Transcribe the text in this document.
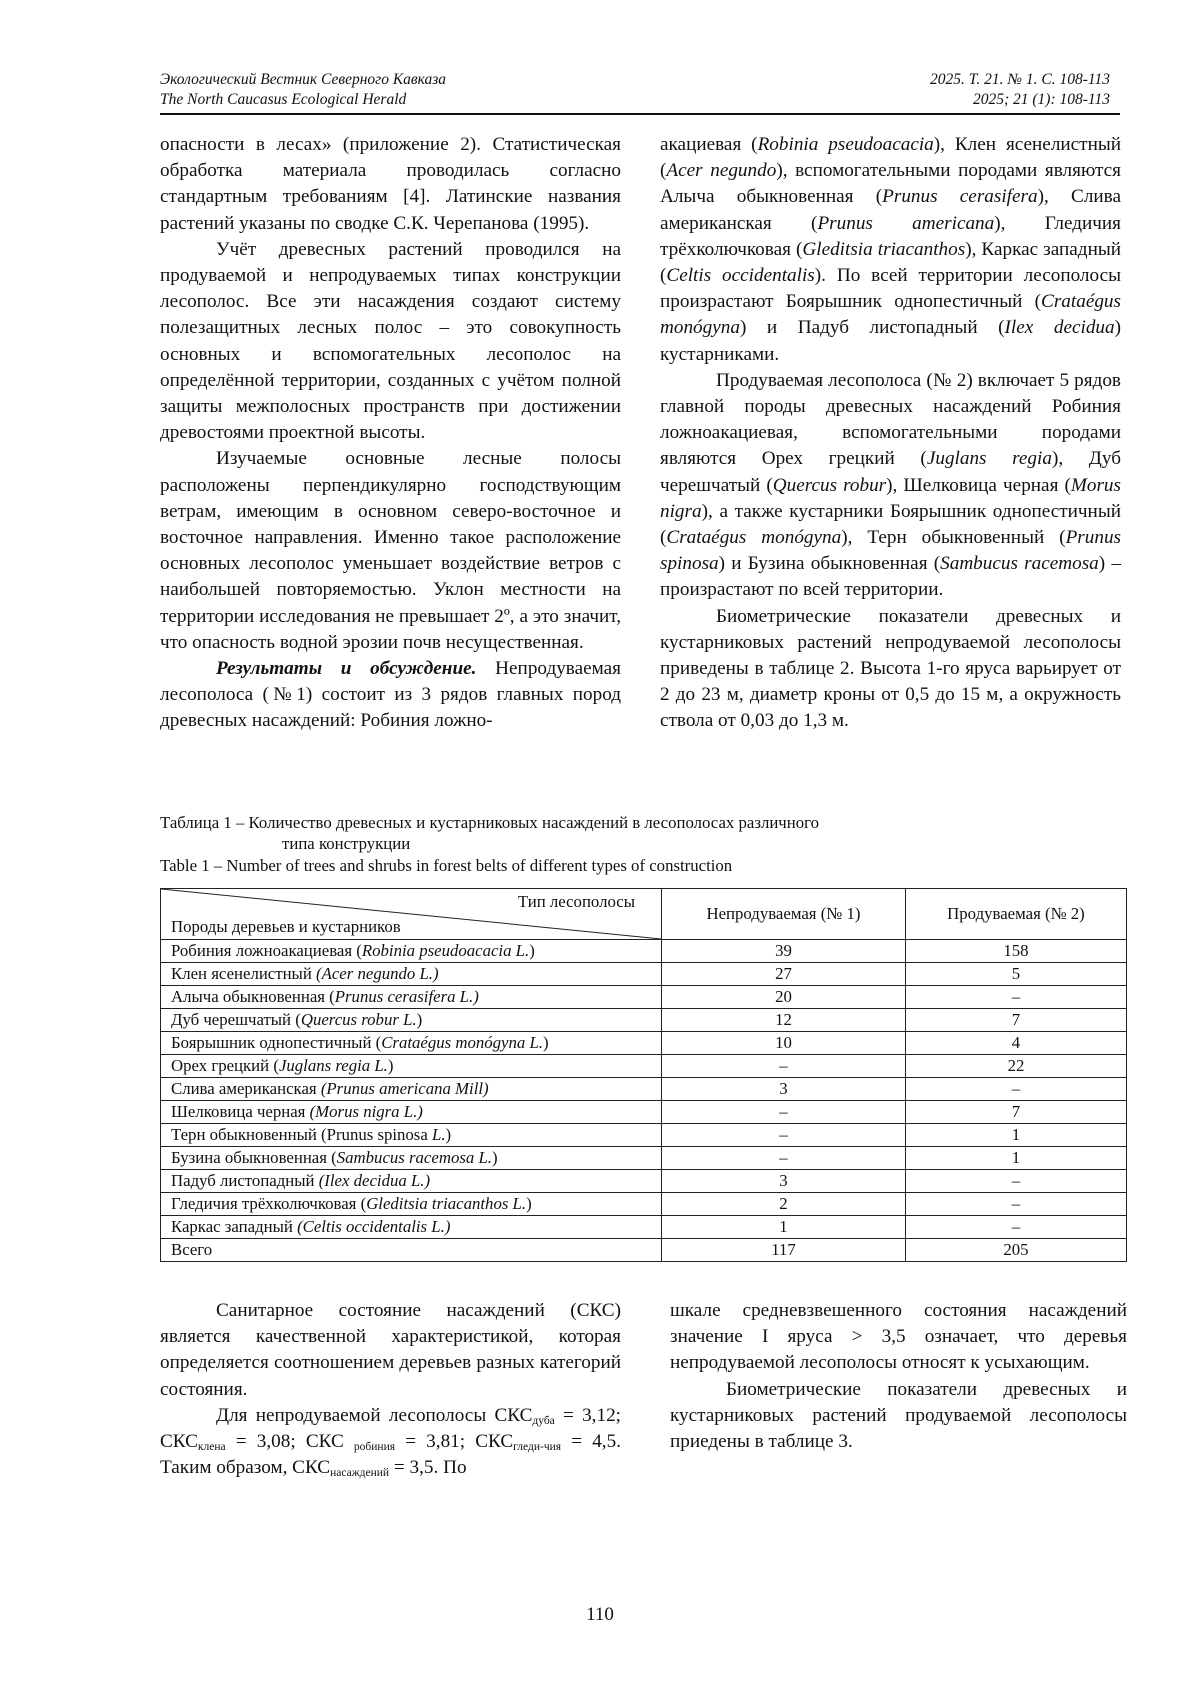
Экологический Вестник Северного Кавказа
The North Caucasus Ecological Herald
2025. Т. 21. № 1. С. 108-113
2025; 21 (1): 108-113

опасности в лесах» (приложение 2). Статистическая обработка материала проводилась согласно стандартным требованиям [4]. Латинские названия растений указаны по сводке С.К. Черепанова (1995).

Учёт древесных растений проводился на продуваемой и непродуваемых типах конструкции лесополос. Все эти насаждения создают систему полезащитных лесных полос – это совокупность основных и вспомогательных лесополос на определённой территории, созданных с учётом полной защиты межполосных пространств при достижении древостоями проектной высоты.

Изучаемые основные лесные полосы расположены перпендикулярно господствующим ветрам, имеющим в основном северо-восточное и восточное направления. Именно такое расположение основных лесополос уменьшает воздействие ветров с наибольшей повторяемостью. Уклон местности на территории исследования не превышает 2º, а это значит, что опасность водной эрозии почв несущественная.

Результаты и обсуждение. Непродуваемая лесополоса (№1) состоит из 3 рядов главных пород древесных насаждений: Робиния ложно-

акациевая (Robinia pseudoacacia), Клен ясенелистный (Acer negundo), вспомогательными породами являются Алыча обыкновенная (Prunus cerasifera), Слива американская (Prunus americana), Гледичия трёхколючковая (Gleditsia triacanthos), Каркас западный (Celtis occidentalis). По всей территории лесополосы произрастают Боярышник однопестичный (Crataégus monógyna) и Падуб листопадный (Ilex decidua) кустарниками.

Продуваемая лесополоса (№ 2) включает 5 рядов главной породы древесных насаждений Робиния ложноакациевая, вспомогательными породами являются Орех грецкий (Juglans regia), Дуб черешчатый (Quercus robur), Шелковица черная (Morus nigra), а также кустарники Боярышник однопестичный (Crataégus monógyna), Терн обыкновенный (Prunus spinosa) и Бузина обыкновенная (Sambucus racemosa) – произрастают по всей территории.

Биометрические показатели древесных и кустарниковых растений непродуваемой лесополосы приведены в таблице 2. Высота 1-го яруса варьирует от 2 до 23 м, диаметр кроны от 0,5 до 15 м, а окружность ствола от 0,03 до 1,3 м.

Таблица 1 – Количество древесных и кустарниковых насаждений в лесополосах различного
типа конструкции
Table 1 – Number of trees and shrubs in forest belts of different types of construction
Тип лесополосы
Породы деревьев и кустарников	Непродуваемая (№ 1)	Продуваемая (№ 2)
Робиния ложноакациевая (Robinia pseudoacacia L.)	39	158
Клен ясенелистный (Acer negundo L.)	27	5
Алыча обыкновенная (Prunus cerasifera L.)	20	–
Дуб черешчатый (Quercus robur L.)	12	7
Боярышник однопестичный (Crataégus monógyna L.)	10	4
Орех грецкий (Juglans regia L.)	–	22
Слива американская (Prunus americana Mill)	3	–
Шелковица черная (Morus nigra L.)	–	7
Терн обыкновенный (Prunus spinosa L.)	–	1
Бузина обыкновенная (Sambucus racemosa L.)	–	1
Падуб листопадный (Ilex decidua L.)	3	–
Гледичия трёхколючковая (Gleditsia triacanthos L.)	2	–
Каркас западный (Celtis occidentalis L.)	1	–
Всего	117	205

Санитарное состояние насаждений (СКС) является качественной характеристикой, которая определяется соотношением деревьев разных категорий состояния.

Для непродуваемой лесополосы $СКС_{дуба} = 3,12$; $СКС_{клена} = 3,08$; СКС $_{робиния}$ = 3,81; $СКС_{гледи-чия} = 4,5$. Таким образом, $СКС_{насаждений} = 3,5$. По

шкале средневзвешенного состояния насаждений значение I яруса > 3,5 означает, что деревья непродуваемой лесополосы относят к усыхающим.

Биометрические показатели древесных и кустарниковых растений продуваемой лесополосы приедены в таблице 3.

110
